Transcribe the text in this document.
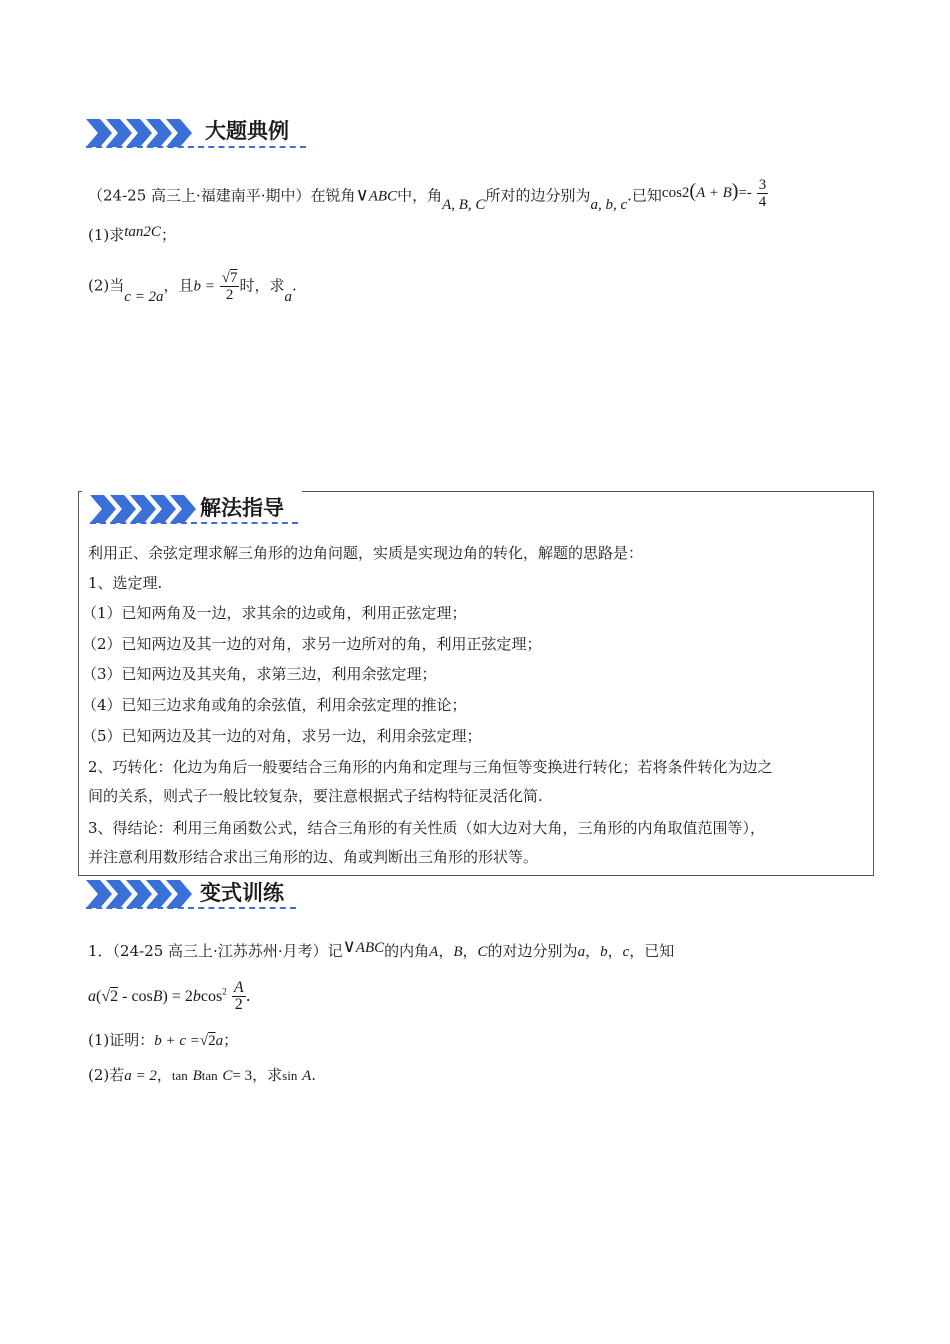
大题典例
（24-25 高三上·福建南平·期中）在锐角∨ABC中，角A, B, C所对的边分别为a, b, c.已知$\cos 2(A + B)=- \frac{3}{4}$
(1)求tan2C；
(2)当c = 2a，且$b = \frac{√7}{2}$ 时，求a.
解法指导
利用正、余弦定理求解三角形的边角问题，实质是实现边角的转化，解题的思路是：
1、选定理.
（1）已知两角及一边，求其余的边或角，利用正弦定理；
（2）已知两边及其一边的对角，求另一边所对的角，利用正弦定理；
（3）已知两边及其夹角，求第三边，利用余弦定理；
（4）已知三边求角或角的余弦值，利用余弦定理的推论；
（5）已知两边及其一边的对角，求另一边，利用余弦定理；
2、巧转化：化边为角后一般要结合三角形的内角和定理与三角恒等变换进行转化；若将条件转化为边之
间的关系，则式子一般比较复杂，要注意根据式子结构特征灵活化简.
3、得结论：利用三角函数公式，结合三角形的有关性质（如大边对大角，三角形的内角取值范围等），
并注意利用数形结合求出三角形的边、角或判断出三角形的形状等。
变式训练
1．（24-25 高三上·江苏苏州·月考）记∨ABC的内角A，B，C的对边分别为a，b，c，已知
$a(√2 - \cos B) = 2bcos^2 \frac{A}{2}$ .
(1)证明：b + c =√2a；
(2)若a = 2，tan Btan C= 3，求sin A.
